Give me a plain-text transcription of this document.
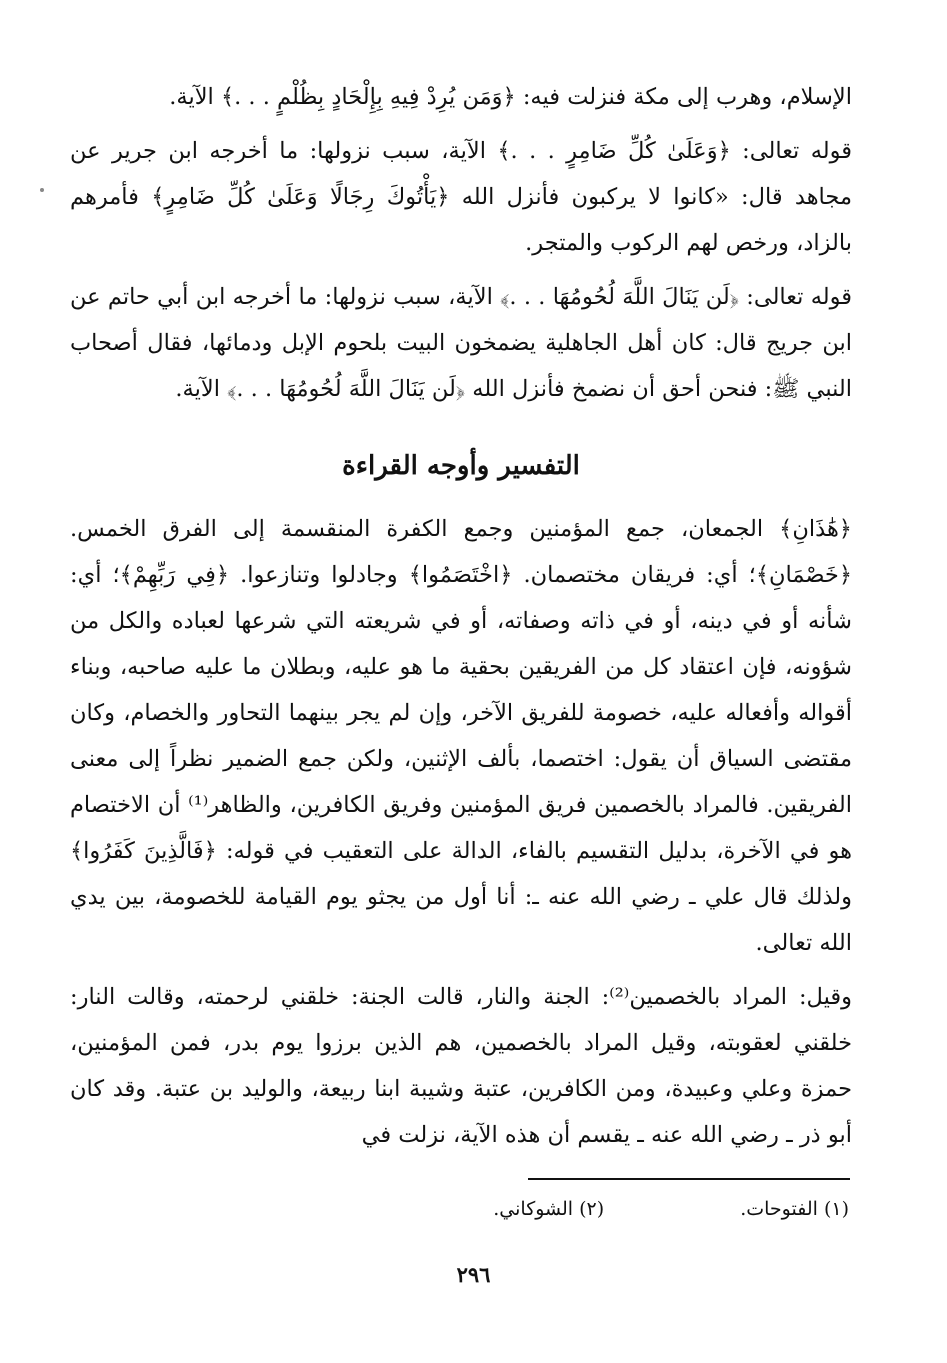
الإسلام، وهرب إلى مكة فنزلت فيه: ﴿وَمَن يُرِدْ فِيهِ بِإِلْحَادٍ بِظُلْمٍ . . .﴾ الآية.

قوله تعالى: ﴿وَعَلَىٰ كُلِّ ضَامِرٍ . . .﴾ الآية، سبب نزولها: ما أخرجه ابن جرير عن مجاهد قال: «كانوا لا يركبون فأنزل الله ﴿يَأْتُوكَ رِجَالًا وَعَلَىٰ كُلِّ ضَامِرٍ﴾ فأمرهم بالزاد، ورخص لهم الركوب والمتجر.

قوله تعالى: ﴿لَن يَنَالَ اللَّهَ لُحُومُهَا . . .﴾ الآية، سبب نزولها: ما أخرجه ابن أبي حاتم عن ابن جريج قال: كان أهل الجاهلية يضمخون البيت بلحوم الإبل ودمائها، فقال أصحاب النبي ﷺ: فنحن أحق أن نضمخ فأنزل الله ﴿لَن يَنَالَ اللَّهَ لُحُومُهَا . . .﴾ الآية.

التفسير وأوجه القراءة

﴿هَٰذَانِ﴾ الجمعان، جمع المؤمنين وجمع الكفرة المنقسمة إلى الفرق الخمس. ﴿خَصْمَانِ﴾؛ أي: فريقان مختصمان. ﴿اخْتَصَمُوا﴾ وجادلوا وتنازعوا. ﴿فِي رَبِّهِمْ﴾؛ أي: شأنه أو في دينه، أو في ذاته وصفاته، أو في شريعته التي شرعها لعباده والكل من شؤونه، فإن اعتقاد كل من الفريقين بحقية ما هو عليه، وبطلان ما عليه صاحبه، وبناء أقواله وأفعاله عليه، خصومة للفريق الآخر، وإن لم يجر بينهما التحاور والخصام، وكان مقتضى السياق أن يقول: اختصما، بألف الإثنين، ولكن جمع الضمير نظراً إلى معنى الفريقين. فالمراد بالخصمين فريق المؤمنين وفريق الكافرين، والظاهر⁽¹⁾ أن الاختصام هو في الآخرة، بدليل التقسيم بالفاء، الدالة على التعقيب في قوله: ﴿فَالَّذِينَ كَفَرُوا﴾ ولذلك قال علي ـ رضي الله عنه ـ: أنا أول من يجثو يوم القيامة للخصومة، بين يدي الله تعالى.

وقيل: المراد بالخصمين⁽²⁾: الجنة والنار، قالت الجنة: خلقني لرحمته، وقالت النار: خلقني لعقوبته، وقيل المراد بالخصمين، هم الذين برزوا يوم بدر، فمن المؤمنين، حمزة وعلي وعبيدة، ومن الكافرين، عتبة وشيبة ابنا ربيعة، والوليد بن عتبة. وقد كان أبو ذر ـ رضي الله عنه ـ يقسم أن هذه الآية، نزلت في

(١) الفتوحات. (٢) الشوكاني.
٢٩٦
